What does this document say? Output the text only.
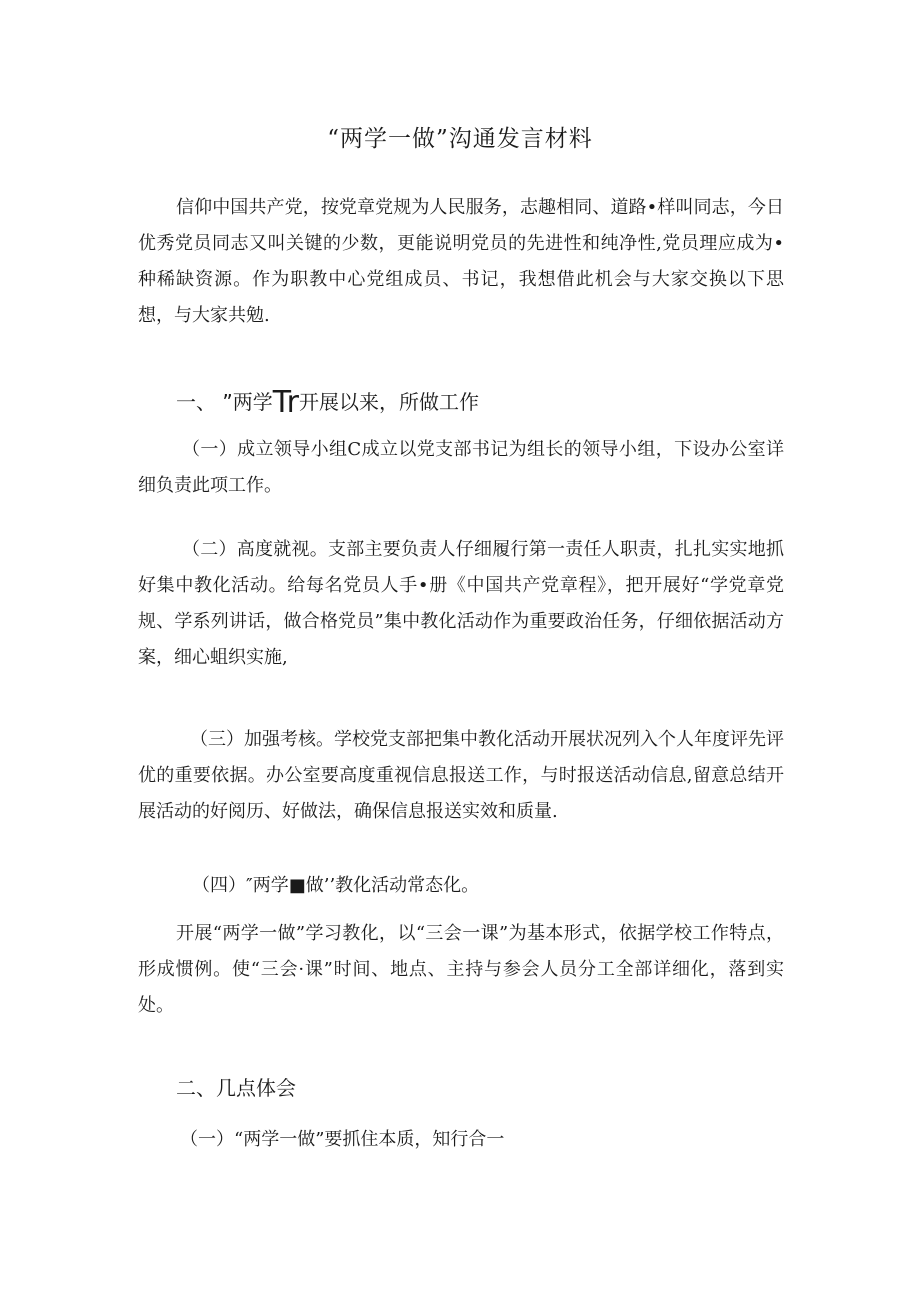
“两学一做”沟通发言材料

信仰中国共产党，按党章党规为人民服务，志趣相同、道路•样叫同志，今日优秀党员同志又叫关键的少数，更能说明党员的先进性和纯净性,党员理应成为•种稀缺资源。作为职教中心党组成员、书记，我想借此机会与大家交换以下思想，与大家共勉.

一、 ”两学Tr开展以来，所做工作

（一）成立领导小组C成立以党支部书记为组长的领导小组，下设办公室详细负责此项工作。

（二）高度就视。支部主要负责人仔细履行第一责任人职责，扎扎实实地抓好集中教化活动。给每名党员人手•册《中国共产党章程》，把开展好“学党章党规、学系列讲话，做合格党员”集中教化活动作为重要政治任务，仔细依据活动方案，细心蛆织实施,

（三）加强考核。学校党支部把集中教化活动开展状况列入个人年度评先评优的重要依据。办公室要高度重视信息报送工作，与时报送活动信息,留意总结开展活动的好阅历、好做法，确保信息报送实效和质量.

（四）″两学■做’’教化活动常态化。

开展“两学一做”学习教化，以“三会一课”为基本形式，依据学校工作特点，形成惯例。使“三会·课”时间、地点、主持与参会人员分工全部详细化，落到实处。

二、几点体会
（一）“两学一做”要抓住本质，知行合一
